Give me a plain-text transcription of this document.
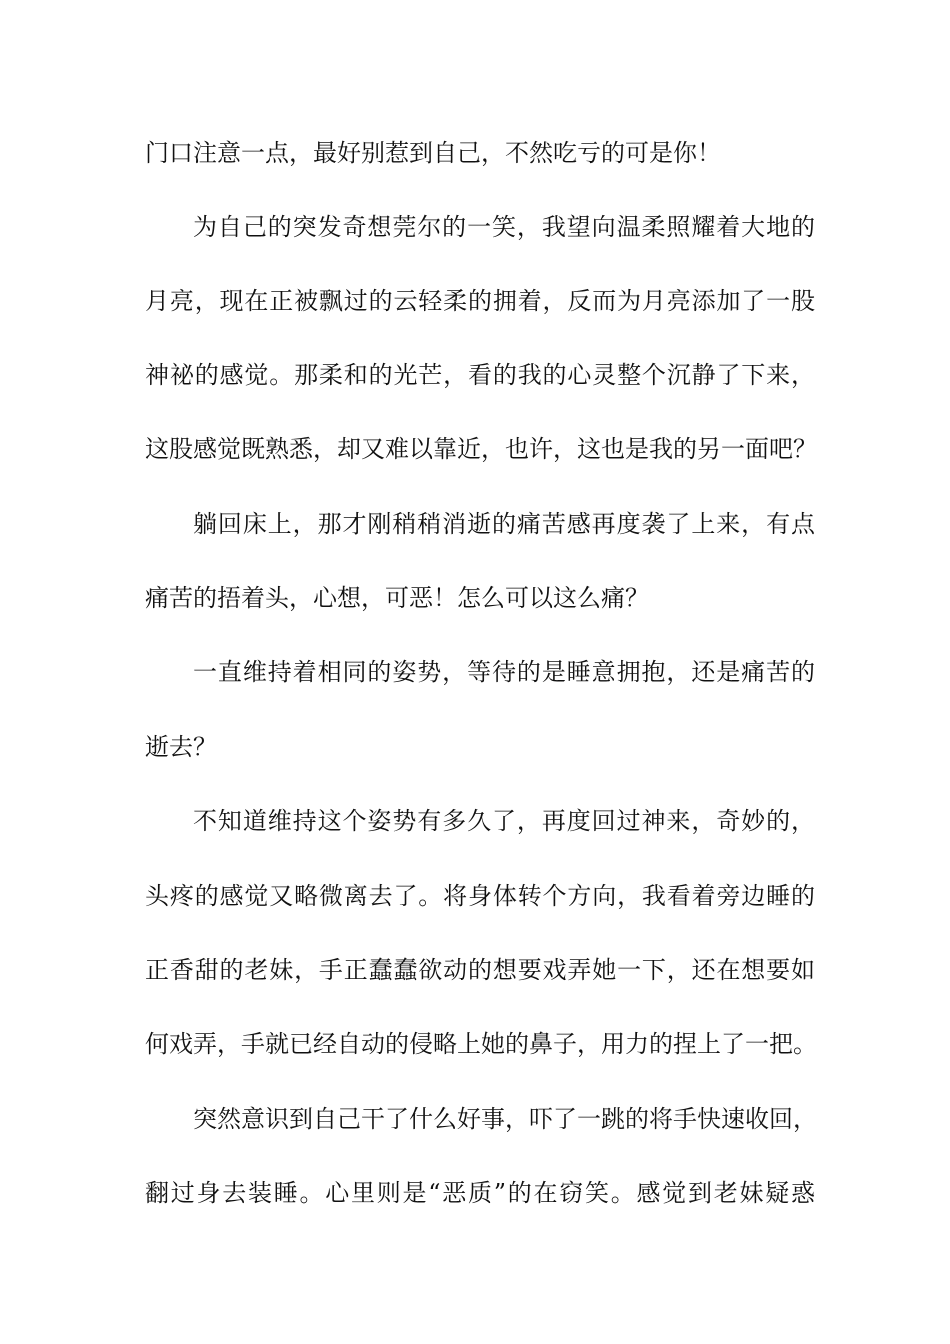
门口注意一点，最好别惹到自己，不然吃亏的可是你！
为自己的突发奇想莞尔的一笑，我望向温柔照耀着大地的
月亮，现在正被飘过的云轻柔的拥着，反而为月亮添加了一股
神祕的感觉。那柔和的光芒，看的我的心灵整个沉静了下来，
这股感觉既熟悉，却又难以靠近，也许，这也是我的另一面吧？
躺回床上，那才刚稍稍消逝的痛苦感再度袭了上来，有点
痛苦的捂着头，心想，可恶！怎么可以这么痛？
一直维持着相同的姿势，等待的是睡意拥抱，还是痛苦的
逝去？
不知道维持这个姿势有多久了，再度回过神来，奇妙的，
头疼的感觉又略微离去了。将身体转个方向，我看着旁边睡的
正香甜的老妹，手正蠢蠢欲动的想要戏弄她一下，还在想要如
何戏弄，手就已经自动的侵略上她的鼻子，用力的捏上了一把。
突然意识到自己干了什么好事，吓了一跳的将手快速收回，
翻过身去装睡。心里则是“恶质”的在窃笑。感觉到老妹疑惑
